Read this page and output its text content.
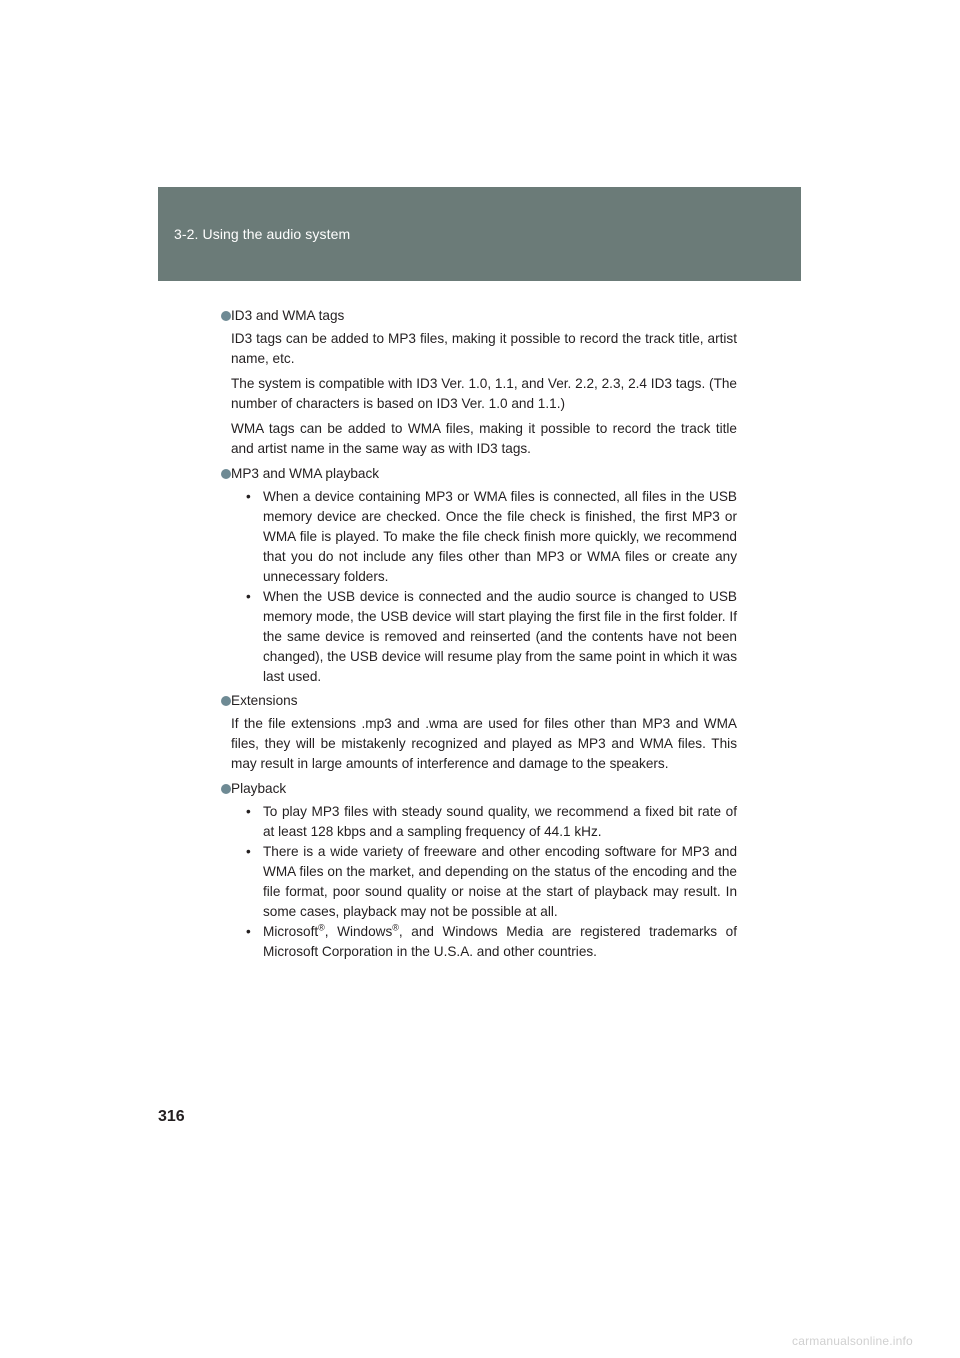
3-2. Using the audio system
ID3 and WMA tags

ID3 tags can be added to MP3 files, making it possible to record the track title, artist name, etc.

The system is compatible with ID3 Ver. 1.0, 1.1, and Ver. 2.2, 2.3, 2.4 ID3 tags. (The number of characters is based on ID3 Ver. 1.0 and 1.1.)

WMA tags can be added to WMA files, making it possible to record the track title and artist name in the same way as with ID3 tags.

MP3 and WMA playback
• When a device containing MP3 or WMA files is connected, all files in the USB memory device are checked. Once the file check is finished, the first MP3 or WMA file is played. To make the file check finish more quickly, we recommend that you do not include any files other than MP3 or WMA files or create any unnecessary folders.
• When the USB device is connected and the audio source is changed to USB memory mode, the USB device will start playing the first file in the first folder. If the same device is removed and reinserted (and the contents have not been changed), the USB device will resume play from the same point in which it was last used.
Extensions

If the file extensions .mp3 and .wma are used for files other than MP3 and WMA files, they will be mistakenly recognized and played as MP3 and WMA files. This may result in large amounts of interference and damage to the speakers.

Playback
• To play MP3 files with steady sound quality, we recommend a fixed bit rate of at least 128 kbps and a sampling frequency of 44.1 kHz.
• There is a wide variety of freeware and other encoding software for MP3 and WMA files on the market, and depending on the status of the encoding and the file format, poor sound quality or noise at the start of playback may result. In some cases, playback may not be possible at all.
• Microsoft®, Windows®, and Windows Media are registered trademarks of Microsoft Corporation in the U.S.A. and other countries.
316
carmanualsonline.info
